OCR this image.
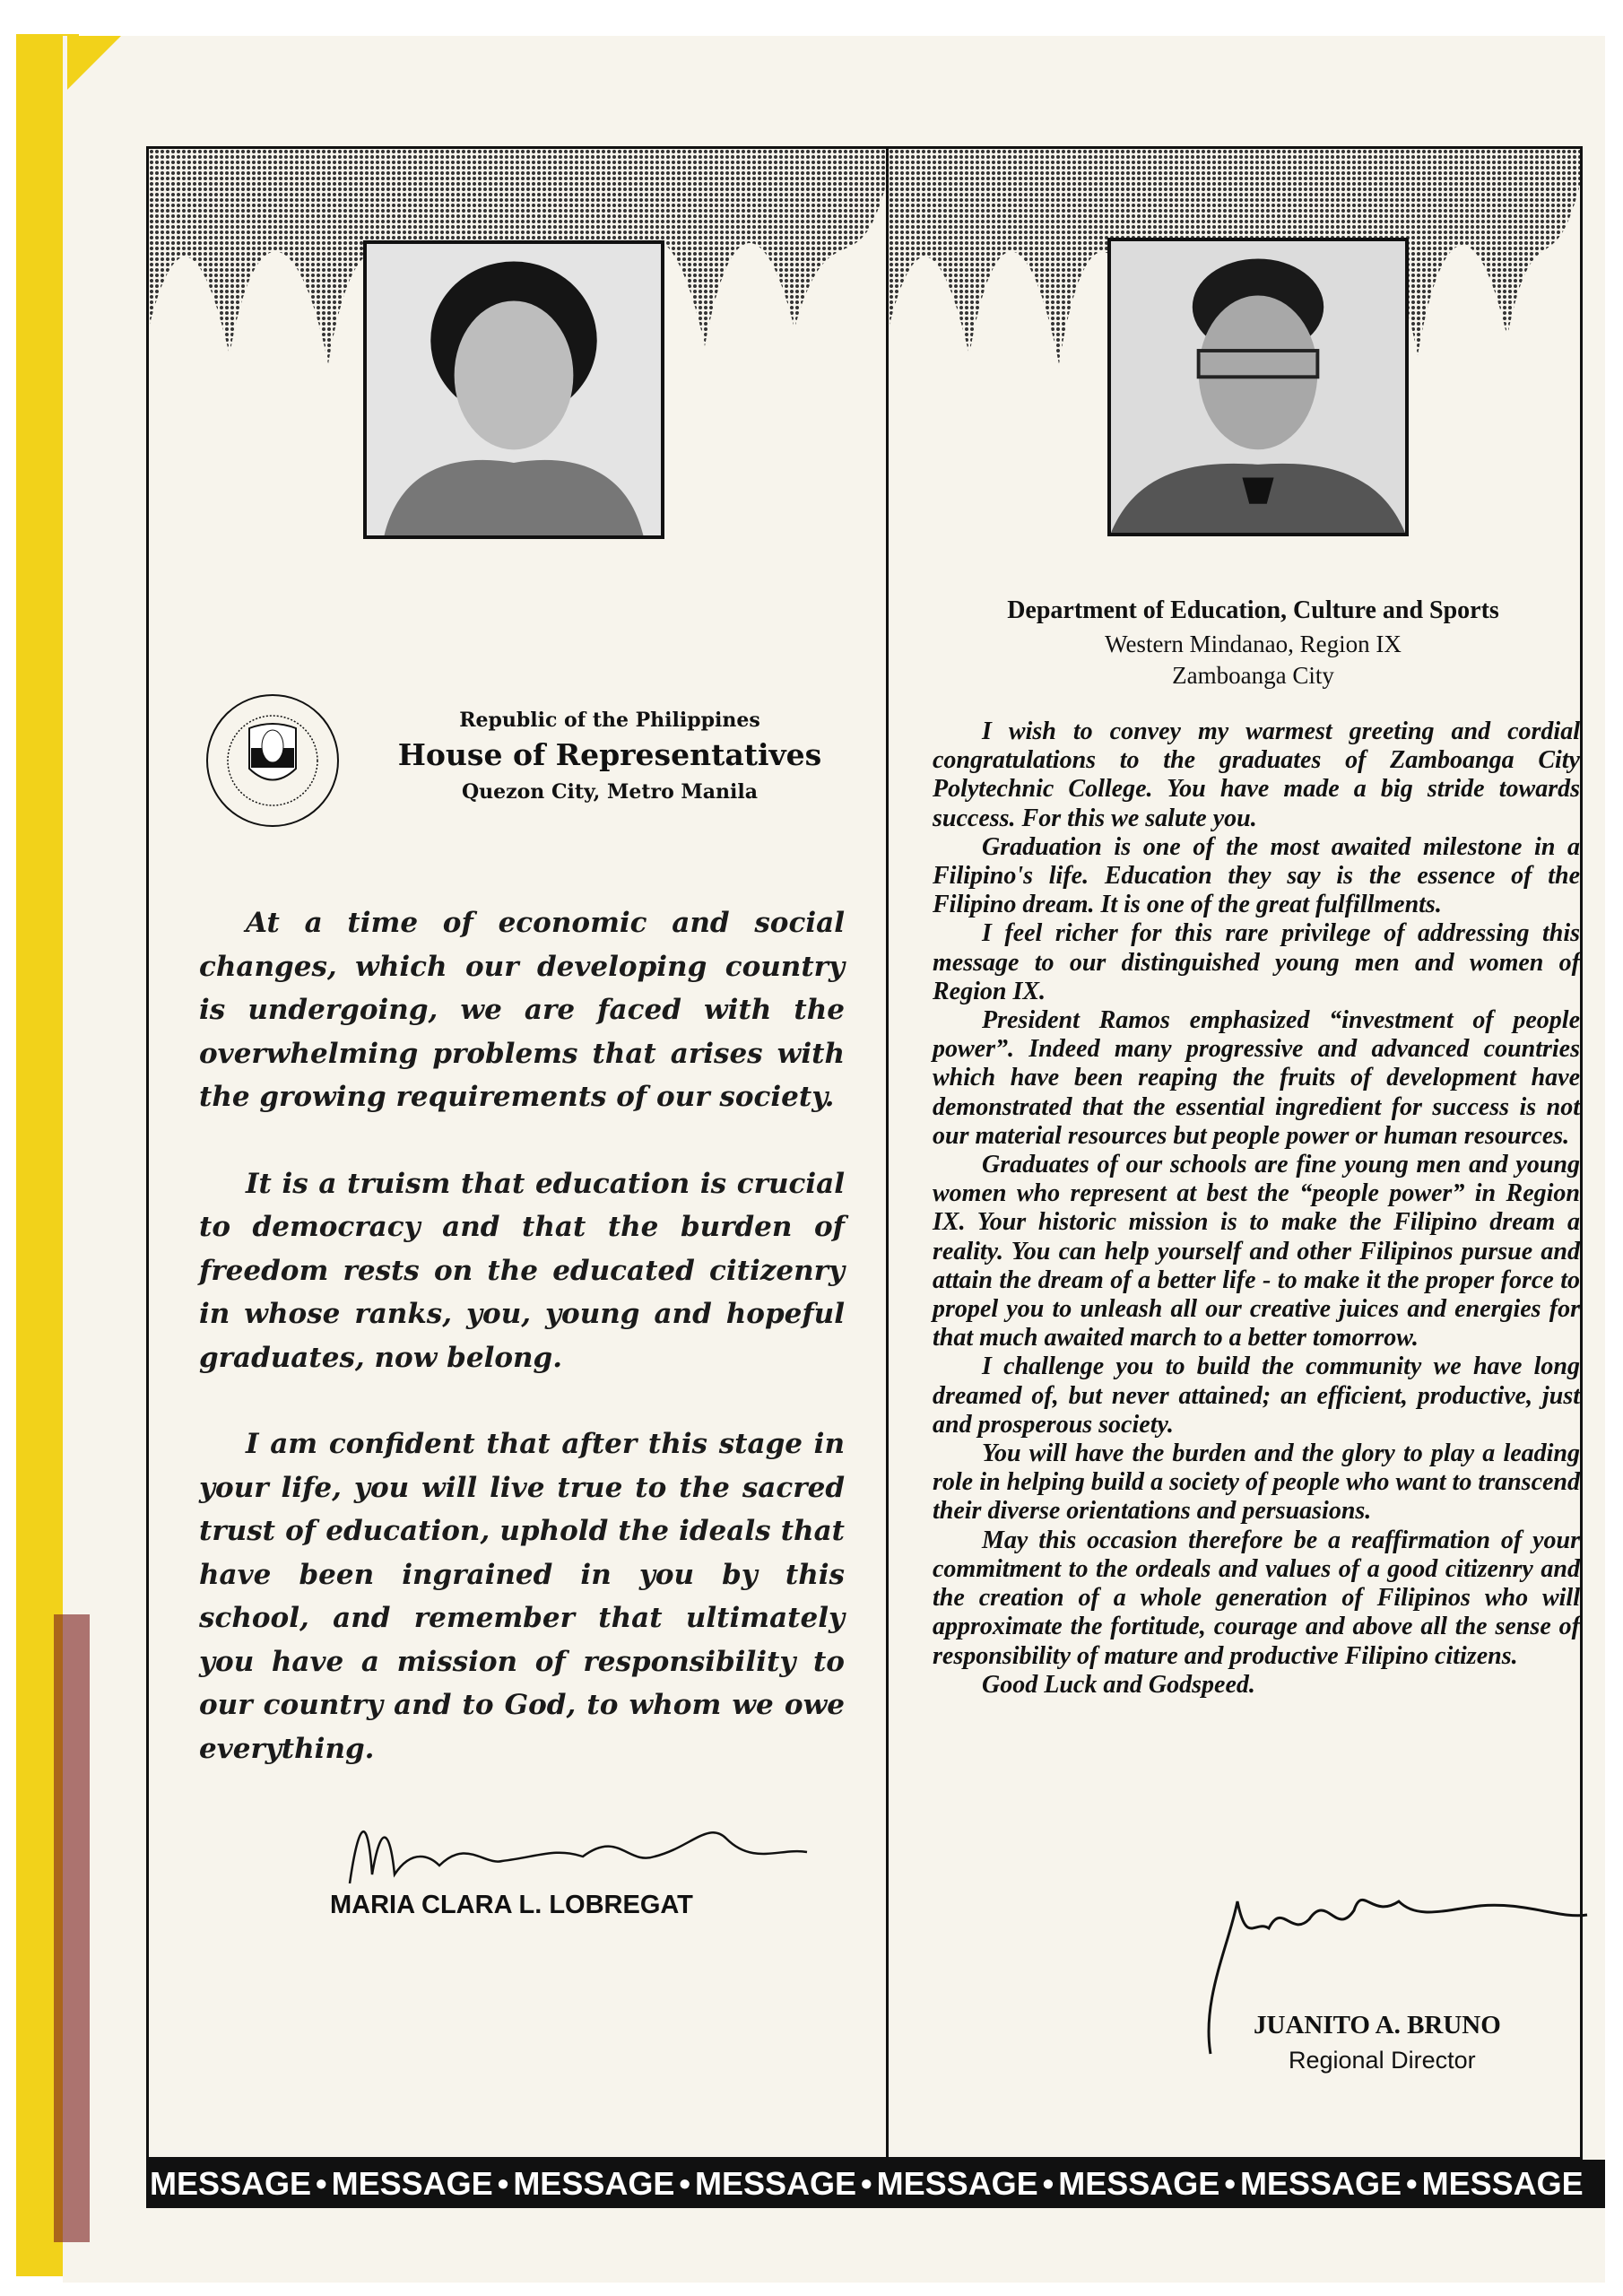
Republic of the Philippines
House of Representatives
Quezon City, Metro Manila

At a time of economic and social changes, which our developing country is undergoing, we are faced with the overwhelming problems that arises with the growing requirements of our society.

It is a truism that education is crucial to democracy and that the burden of freedom rests on the educated citizenry in whose ranks, you, young and hopeful graduates, now belong.

I am confident that after this stage in your life, you will live true to the sacred trust of education, uphold the ideals that have been ingrained in you by this school, and remember that ultimately you have a mission of responsibility to our country and to God, to whom we owe everything.

MARIA CLARA L. LOBREGAT
Department of Education, Culture and Sports
Western Mindanao, Region IX
Zamboanga City

I wish to convey my warmest greeting and cordial congratulations to the graduates of Zamboanga City Polytechnic College. You have made a big stride towards success. For this we salute you.

Graduation is one of the most awaited milestone in a Filipino's life. Education they say is the essence of the Filipino dream. It is one of the great fulfillments.

I feel richer for this rare privilege of addressing this message to our distinguished young men and women of Region IX.

President Ramos emphasized “investment of people power”. Indeed many progressive and advanced countries which have been reaping the fruits of development have demonstrated that the essential ingredient for success is not our material resources but people power or human resources.

Graduates of our schools are fine young men and young women who represent at best the “people power” in Region IX. Your historic mission is to make the Filipino dream a reality. You can help yourself and other Filipinos pursue and attain the dream of a better life - to make it the proper force to propel you to unleash all our creative juices and energies for that much awaited march to a better tomorrow.

I challenge you to build the community we have long dreamed of, but never attained; an efficient, productive, just and prosperous society.

You will have the burden and the glory to play a leading role in helping build a society of people who want to transcend their diverse orientations and persuasions.

May this occasion therefore be a reaffirmation of your commitment to the ordeals and values of a good citizenry and the creation of a whole generation of Filipinos who will approximate the fortitude, courage and above all the sense of responsibility of mature and productive Filipino citizens.

Good Luck and Godspeed.

JUANITO A. BRUNO
Regional Director
MESSAGE • MESSAGE • MESSAGE • MESSAGE • MESSAGE • MESSAGE • MESSAGE • MESSAGE
